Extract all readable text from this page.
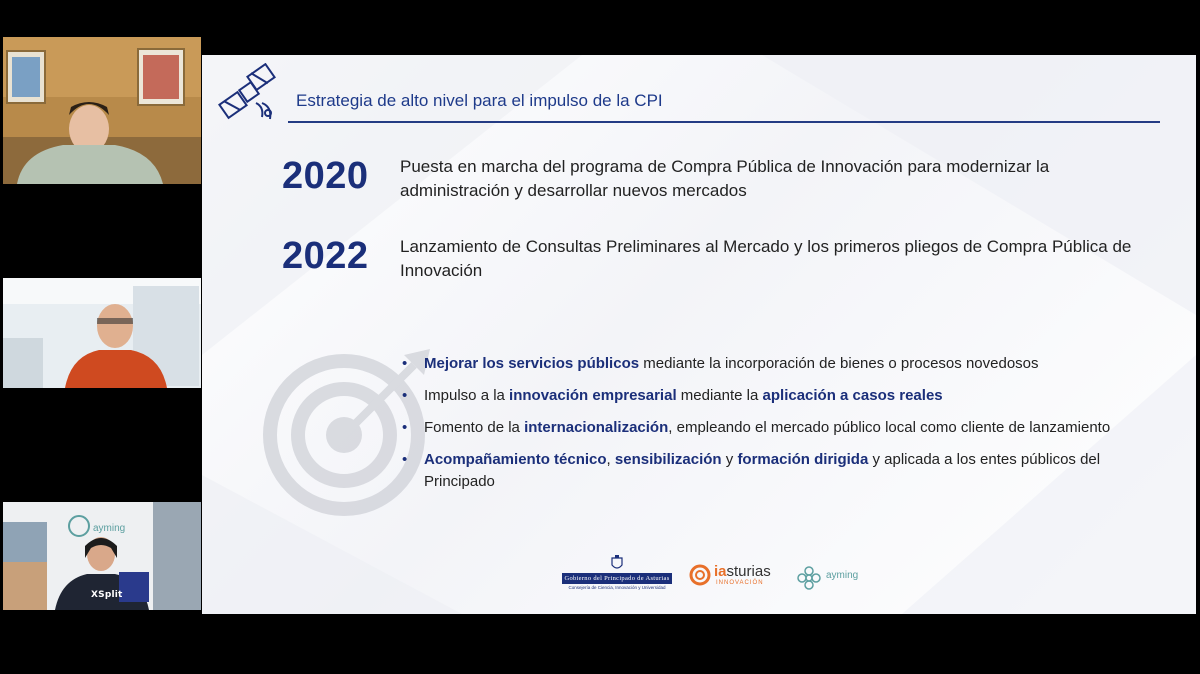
ayming
XSplit
Estrategia de alto nivel para el impulso de la CPI
2020 Puesta en marcha del programa de Compra Pública de Innovación para modernizar la administración y desarrollar nuevos mercados
2022 Lanzamiento de Consultas Preliminares al Mercado y los primeros pliegos de Compra Pública de Innovación
• Mejorar los servicios públicos mediante la incorporación de bienes o procesos novedosos
• Impulso a la innovación empresarial mediante la aplicación a casos reales
• Fomento de la internacionalización, empleando el mercado público local como cliente de lanzamiento
• Acompañamiento técnico, sensibilización y formación dirigida y aplicada a los entes públicos del Principado
Gobierno del Principado de Asturias
Consejería de Ciencia, Innovación y Universidad
iasturias
INNOVACIÓN
ayming
